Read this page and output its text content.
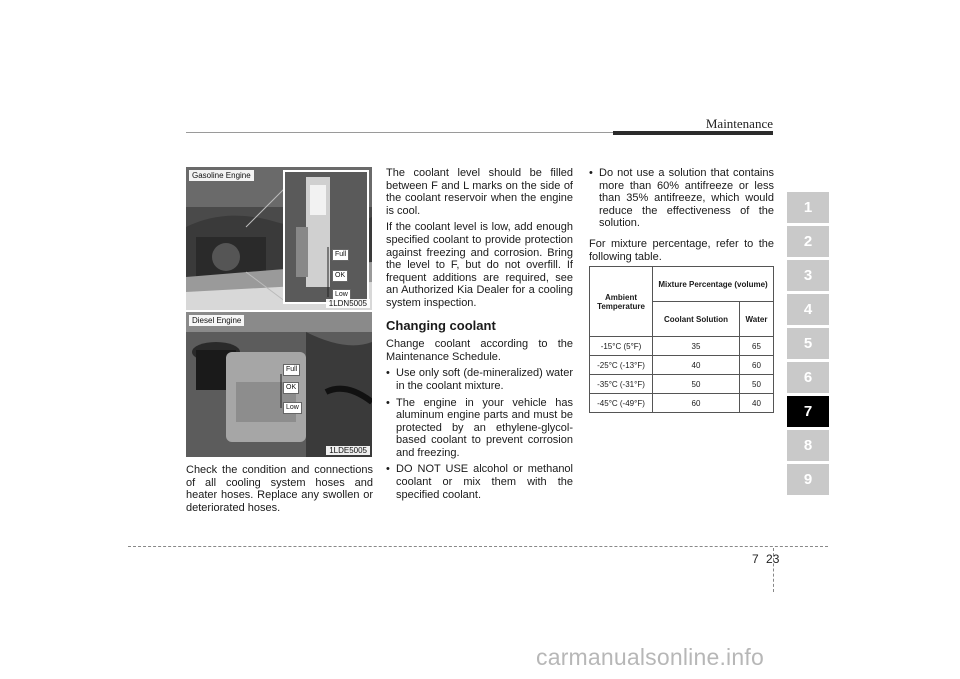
Maintenance
1
2
3
4
5
6
7
8
9
Gasoline Engine
Full
OK
Low
1LDN5005
Diesel Engine
Full
OK
Low
1LDE5005

Check the condition and connections of all cooling system hoses and heater hoses. Replace any swollen or deteriorated hoses.

The coolant level should be filled between F and L marks on the side of the coolant reservoir when the engine is cool.

If the coolant level is low, add enough specified coolant to provide protection against freezing and corrosion. Bring the level to F, but do not overfill. If frequent additions are required, see an Authorized Kia Dealer for a cooling system inspection.

Changing coolant

Change coolant according to the Maintenance Schedule.

• Use only soft (de-mineralized) water in the coolant mixture.
• The engine in your vehicle has aluminum engine parts and must be protected by an ethylene-glycol-based coolant to prevent corrosion and freezing.
• DO NOT USE alcohol or methanol coolant or mix them with the specified coolant.
• Do not use a solution that contains more than 60% antifreeze or less than 35% antifreeze, which would reduce the effectiveness of the solution.

For mixture percentage, refer to the following table.

Ambient Temperature	Mixture Percentage (volume)	
	Coolant Solution	Water
-15°C (5°F)	35	65
-25°C (-13°F)	40	60
-35°C (-31°F)	50	50
-45°C (-49°F)	60	40
7 23
carmanualsonline.info
